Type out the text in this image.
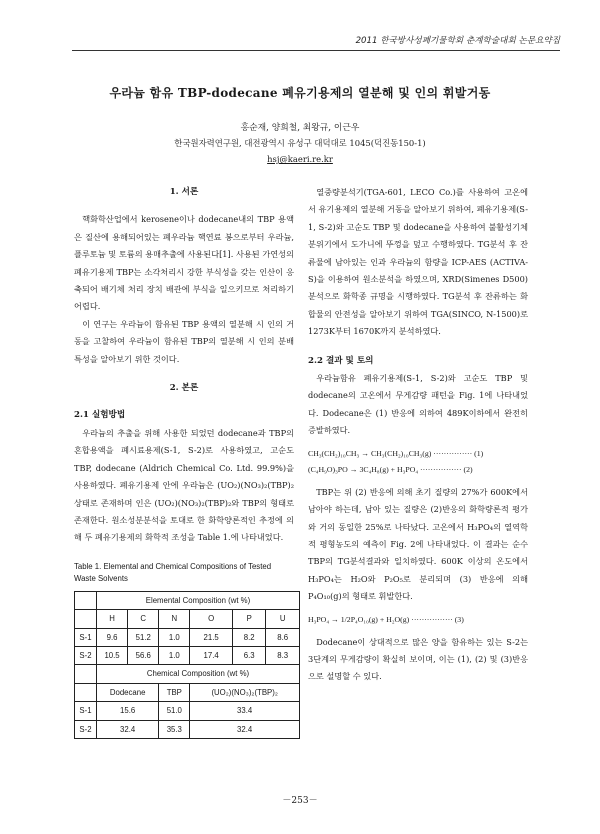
2011 한국방사성폐기물학회 춘계학술대회 논문요약집
우라늄 함유 TBP-dodecane 폐유기용제의 열분해 및 인의 휘발거동
홍순재, 양희철, 최왕규, 이근우
한국원자력연구원, 대전광역시 유성구 대덕대로 1045(덕진동150-1)
hsj@kaeri.re.kr
1. 서론

핵화학산업에서 kerosene이나 dodecane내의 TBP 용액은 질산에 용해되어있는 폐우라늄 핵연료 봉으로부터 우라늄, 플루토늄 및 토륨의 용매추출에 사용된다[1]. 사용된 가연성의 폐유기용제 TBP는 소각처리시 강한 부식성을 갖는 인산이 응축되어 배기체 처리 장치 배관에 부식을 일으키므로 처리하기 어렵다.

이 연구는 우라늄이 함유된 TBP 용액의 열분해 시 인의 거동을 고찰하여 우라늄이 함유된 TBP의 열분해 시 인의 분배 특성을 알아보기 위한 것이다.

2. 본론
2.1 실험방법

우라늄의 추출을 위해 사용한 되었던 dodecane과 TBP의 혼합용액을 폐시료용제(S-1, S-2)로 사용하였고, 고순도 TBP, dodecane (Aldrich Chemical Co. Ltd. 99.9%)을 사용하였다. 폐유기용제 안에 우라늄은 (UO₂)(NO₃)₂(TBP)₂ 상태로 존재하며 인은 (UO₂)(NO₃)₂(TBP)₂와 TBP의 형태로 존재한다. 원소성분분석을 토대로 한 화학양론적인 추정에 의해 두 폐유기용제의 화학적 조성을 Table 1.에 나타내었다.

Table 1. Elemental and Chemical Compositions of Tested Waste Solvents
	Elemental Composition (wt %)					
	H	C	N	O	P	U
S-1	9.6	51.2	1.0	21.5	8.2	8.6
S-2	10.5	56.6	1.0	17.4	6.3	8.3
	Chemical Composition (wt %)					
	Dodecane		TBP	(UO₂)(NO₃)₂(TBP)₂		
S-1	15.6		51.0	33.4		
S-2	32.4		35.3	32.4		

열중량분석기(TGA-601, LECO Co.)를 사용하여 고온에서 유기용제의 열분해 거동을 알아보기 위하여, 폐유기용제(S-1, S-2)와 고순도 TBP 및 dodecane을 사용하여 불활성기체분위기에서 도가니에 뚜껑을 덮고 수행하였다. TG분석 후 잔류물에 남아있는 인과 우라늄의 함량을 ICP-AES (ACTIVA-S)을 이용하여 원소분석을 하였으며, XRD(Simenes D500)분석으로 화학종 규명을 시행하였다. TG분석 후 잔류하는 화합물의 안전성을 알아보기 위하여 TGA(SINCO, N-1500)로 1273K부터 1670K까지 분석하였다.

2.2 결과 및 토의

우라늄함유 폐유기용제(S-1, S-2)와 고순도 TBP 및 dodecane의 고온에서 무게감량 패턴을 Fig. 1에 나타내었다. Dodecane은 (1) 반응에 의하여 489K이하에서 완전히 증발하였다.

CH₃(CH₂)₁₀CH₃ → CH₃(CH₂)₁₀CH₃(g) ··············· (1)
(C₄H₉O)₃PO → 3C₄H₈(g) + H₃PO₄ ················ (2)

TBP는 위 (2) 반응에 의해 초기 질량의 27%가 600K에서 남아야 하는데, 남아 있는 질량은 (2)반응의 화학량론적 평가와 거의 동일한 25%로 나타났다. 고온에서 H₃PO₄의 열역학적 평형농도의 예측이 Fig. 2에 나타내었다. 이 결과는 순수 TBP의 TG분석결과와 일치하였다. 600K 이상의 온도에서 H₃PO₄는 H₂O와 P₂O₅로 분리되며 (3) 반응에 의해 P₄O₁₀(g)의 형태로 휘발한다.

H₃PO₄ → 1/2P₄O₁₀(g) + H₂O(g) ················ (3)

Dodecane이 상대적으로 많은 양을 함유하는 있는 S-2는 3단계의 무게감량이 확실히 보이며, 이는 (1), (2) 및 (3)반응으로 설명할 수 있다.

－253－
